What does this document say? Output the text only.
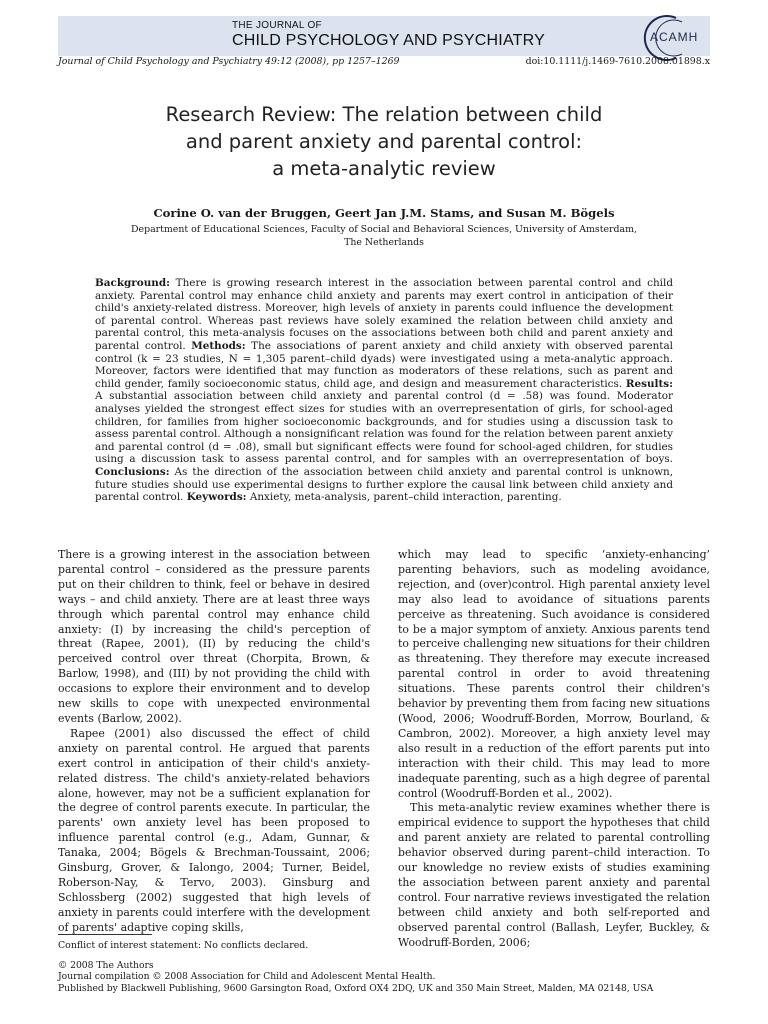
THE JOURNAL OF
CHILD PSYCHOLOGY AND PSYCHIATRY	ACAMH
Journal of Child Psychology and Psychiatry 49:12 (2008), pp 1257–1269	doi:10.1111/j.1469-7610.2008.01898.x
Research Review: The relation between child
and parent anxiety and parental control:
a meta-analytic review
Corine O. van der Bruggen, Geert Jan J.M. Stams, and Susan M. Bögels
Department of Educational Sciences, Faculty of Social and Behavioral Sciences, University of Amsterdam,
The Netherlands
Background: There is growing research interest in the association between parental control and child anxiety. Parental control may enhance child anxiety and parents may exert control in anticipation of their child's anxiety-related distress. Moreover, high levels of anxiety in parents could influence the development of parental control. Whereas past reviews have solely examined the relation between child anxiety and parental control, this meta-analysis focuses on the associations between both child and parent anxiety and parental control. Methods: The associations of parent anxiety and child anxiety with observed parental control (k = 23 studies, N = 1,305 parent–child dyads) were investigated using a meta-analytic approach. Moreover, factors were identified that may function as moderators of these relations, such as parent and child gender, family socioeconomic status, child age, and design and measurement characteristics. Results: A substantial association between child anxiety and parental control (d = .58) was found. Moderator analyses yielded the strongest effect sizes for studies with an overrepresentation of girls, for school-aged children, for families from higher socioeconomic backgrounds, and for studies using a discussion task to assess parental control. Although a nonsignificant relation was found for the relation between parent anxiety and parental control (d = .08), small but significant effects were found for school-aged children, for studies using a discussion task to assess parental control, and for samples with an overrepresentation of boys. Conclusions: As the direction of the association between child anxiety and parental control is unknown, future studies should use experimental designs to further explore the causal link between child anxiety and parental control. Keywords: Anxiety, meta-analysis, parent–child interaction, parenting.

There is a growing interest in the association between parental control – considered as the pressure parents put on their children to think, feel or behave in desired ways – and child anxiety. There are at least three ways through which parental control may enhance child anxiety: (I) by increasing the child's perception of threat (Rapee, 2001), (II) by reducing the child's perceived control over threat (Chorpita, Brown, & Barlow, 1998), and (III) by not providing the child with occasions to explore their environment and to develop new skills to cope with unexpected environmental events (Barlow, 2002).

Rapee (2001) also discussed the effect of child anxiety on parental control. He argued that parents exert control in anticipation of their child's anxiety-related distress. The child's anxiety-related behaviors alone, however, may not be a sufficient explanation for the degree of control parents execute. In particular, the parents' own anxiety level has been proposed to influence parental control (e.g., Adam, Gunnar, & Tanaka, 2004; Bögels & Brechman-Toussaint, 2006; Ginsburg, Grover, & Ialongo, 2004; Turner, Beidel, Roberson-Nay, & Tervo, 2003). Ginsburg and Schlossberg (2002) suggested that high levels of anxiety in parents could interfere with the development of parents' adaptive coping skills,

which may lead to specific ‘anxiety-enhancing’ parenting behaviors, such as modeling avoidance, rejection, and (over)control. High parental anxiety level may also lead to avoidance of situations parents perceive as threatening. Such avoidance is considered to be a major symptom of anxiety. Anxious parents tend to perceive challenging new situations for their children as threatening. They therefore may execute increased parental control in order to avoid threatening situations. These parents control their children's behavior by preventing them from facing new situations (Wood, 2006; Woodruff-Borden, Morrow, Bourland, & Cambron, 2002). Moreover, a high anxiety level may also result in a reduction of the effort parents put into interaction with their child. This may lead to more inadequate parenting, such as a high degree of parental control (Woodruff-Borden et al., 2002).

This meta-analytic review examines whether there is empirical evidence to support the hypotheses that child and parent anxiety are related to parental controlling behavior observed during parent–child interaction. To our knowledge no review exists of studies examining the association between parent anxiety and parental control. Four narrative reviews investigated the relation between child anxiety and both self-reported and observed parental control (Ballash, Leyfer, Buckley, & Woodruff-Borden, 2006;

Conflict of interest statement: No conflicts declared.
© 2008 The Authors
Journal compilation © 2008 Association for Child and Adolescent Mental Health.
Published by Blackwell Publishing, 9600 Garsington Road, Oxford OX4 2DQ, UK and 350 Main Street, Malden, MA 02148, USA
